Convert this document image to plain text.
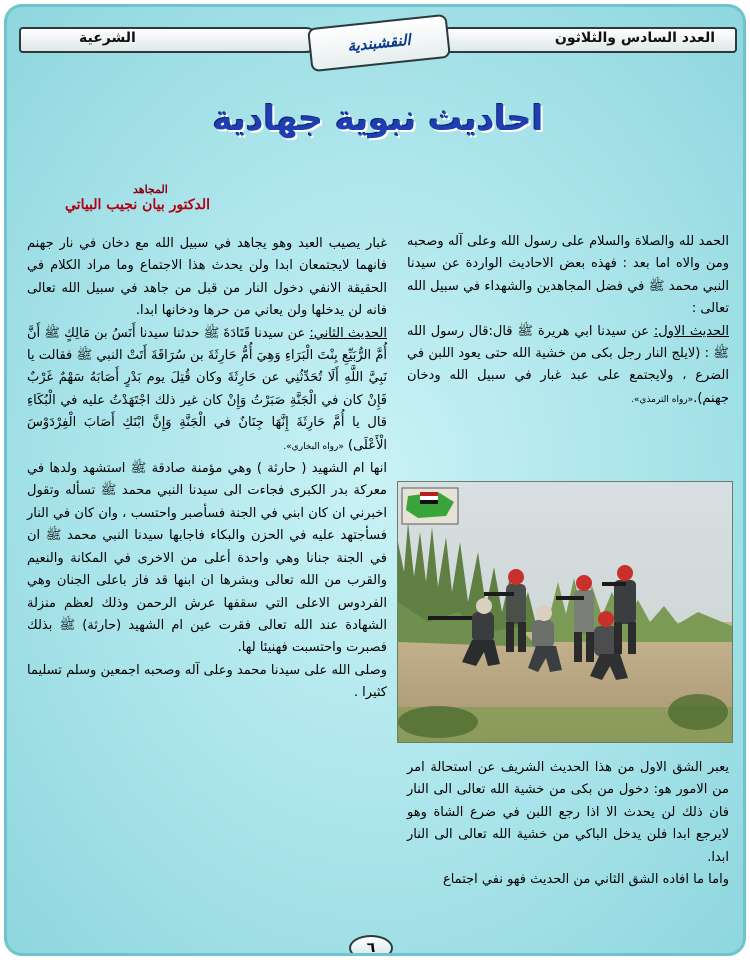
الشرعية	العدد السادس والثلاثون
النقشبندية
احاديث نبوية جهادية
المجاهد
الدكتور بيان نجيب البياتي

الحمد لله والصلاة والسلام على رسول الله وعلى آله وصحبه ومن والاه اما بعد : فهذه بعض الاحاديث الواردة عن سيدنا النبي محمد ﷺ في فضل المجاهدين والشهداء في سبيل الله تعالى :

الحديث الاول: عن سيدنا ابي هريرة ﷺ قال:قال رسول الله ﷺ : (لايلج النار رجل بكى من خشية الله حتى يعود اللبن في الضرع ، ولايجتمع على عبد غبار في سبيل الله ودخان جهنم).«رواه الترمذي».

غبار يصيب العبد وهو يجاهد في سبيل الله مع دخان في نار جهنم فانهما لايجتمعان ابدا ولن يحدث هذا الاجتماع وما مراد الكلام في الحقيقة الانفي دخول النار من قبل من جاهد في سبيل الله تعالى فانه لن يدخلها ولن يعاني من حرها ودخانها ابدا.

الحديث الثاني: عن سيدنا قَتَادَةَ ﷺ حدثنا سيدنا أَنَسُ بن مَالِكٍ ﷺ أَنَّ أُمَّ الرُّبَيِّعِ بِنْتَ الْبَرَاءِ وَهِيَ أُمُّ حَارِثَةَ بن سُرَاقَةَ أَتَتْ النبي ﷺ فقالت يا نَبِيَّ اللَّهِ أَلَا تُحَدِّثُنِي عن حَارِثَةَ وكان قُتِلَ يوم بَدْرٍ أَصَابَهُ سَهْمٌ غَرْبٌ فَإِنْ كان في الْجَنَّةِ صَبَرْتُ وَإِنْ كان غير ذلك اجْتَهَدْتُ عليه في الْبُكَاءِ قال يا أُمَّ حَارِثَةَ إِنَّهَا جِنَانٌ في الْجَنَّةِ وَإِنَّ ابْنَكِ أَصَابَ الْفِرْدَوْسَ الْأَعْلَى) «رواه البخاري».

انها ام الشهيد ( حارثة ) وهي مؤمنة صادقة ﷺ استشهد ولدها في معركة بدر الكبرى فجاءت الى سيدنا النبي محمد ﷺ تسأله وتقول اخبرني ان كان ابني في الجنة فسأصبر واحتسب ، وان كان في النار فسأجتهد عليه في الحزن والبكاء فاجابها سيدنا النبي محمد ﷺ ان في الجنة جنانا وهي واحدة أعلى من الاخرى في المكانة والنعيم والقرب من الله تعالى وبشرها ان ابنها قد فاز باعلى الجنان وهي الفردوس الاعلى التي سقفها عرش الرحمن وذلك لعظم منزلة الشهادة عند الله تعالى فقرت عين ام الشهيد (حارثة) ﷺ بذلك فصبرت واحتسبت فهنيئا لها.

وصلى الله على سيدنا محمد وعلى آله وصحبه اجمعين وسلم تسليما كثيرا .

يعبر الشق الاول من هذا الحديث الشريف عن استحالة امر من الامور هو: دخول من بكى من خشية الله تعالى الى النار فان ذلك لن يحدث الا اذا رجع اللبن في ضرع الشاة وهو لايرجع ابدا فلن يدخل الباكي من خشية الله تعالى الى النار ابدا.

واما ما افاده الشق الثاني من الحديث فهو نفي اجتماع

٦
